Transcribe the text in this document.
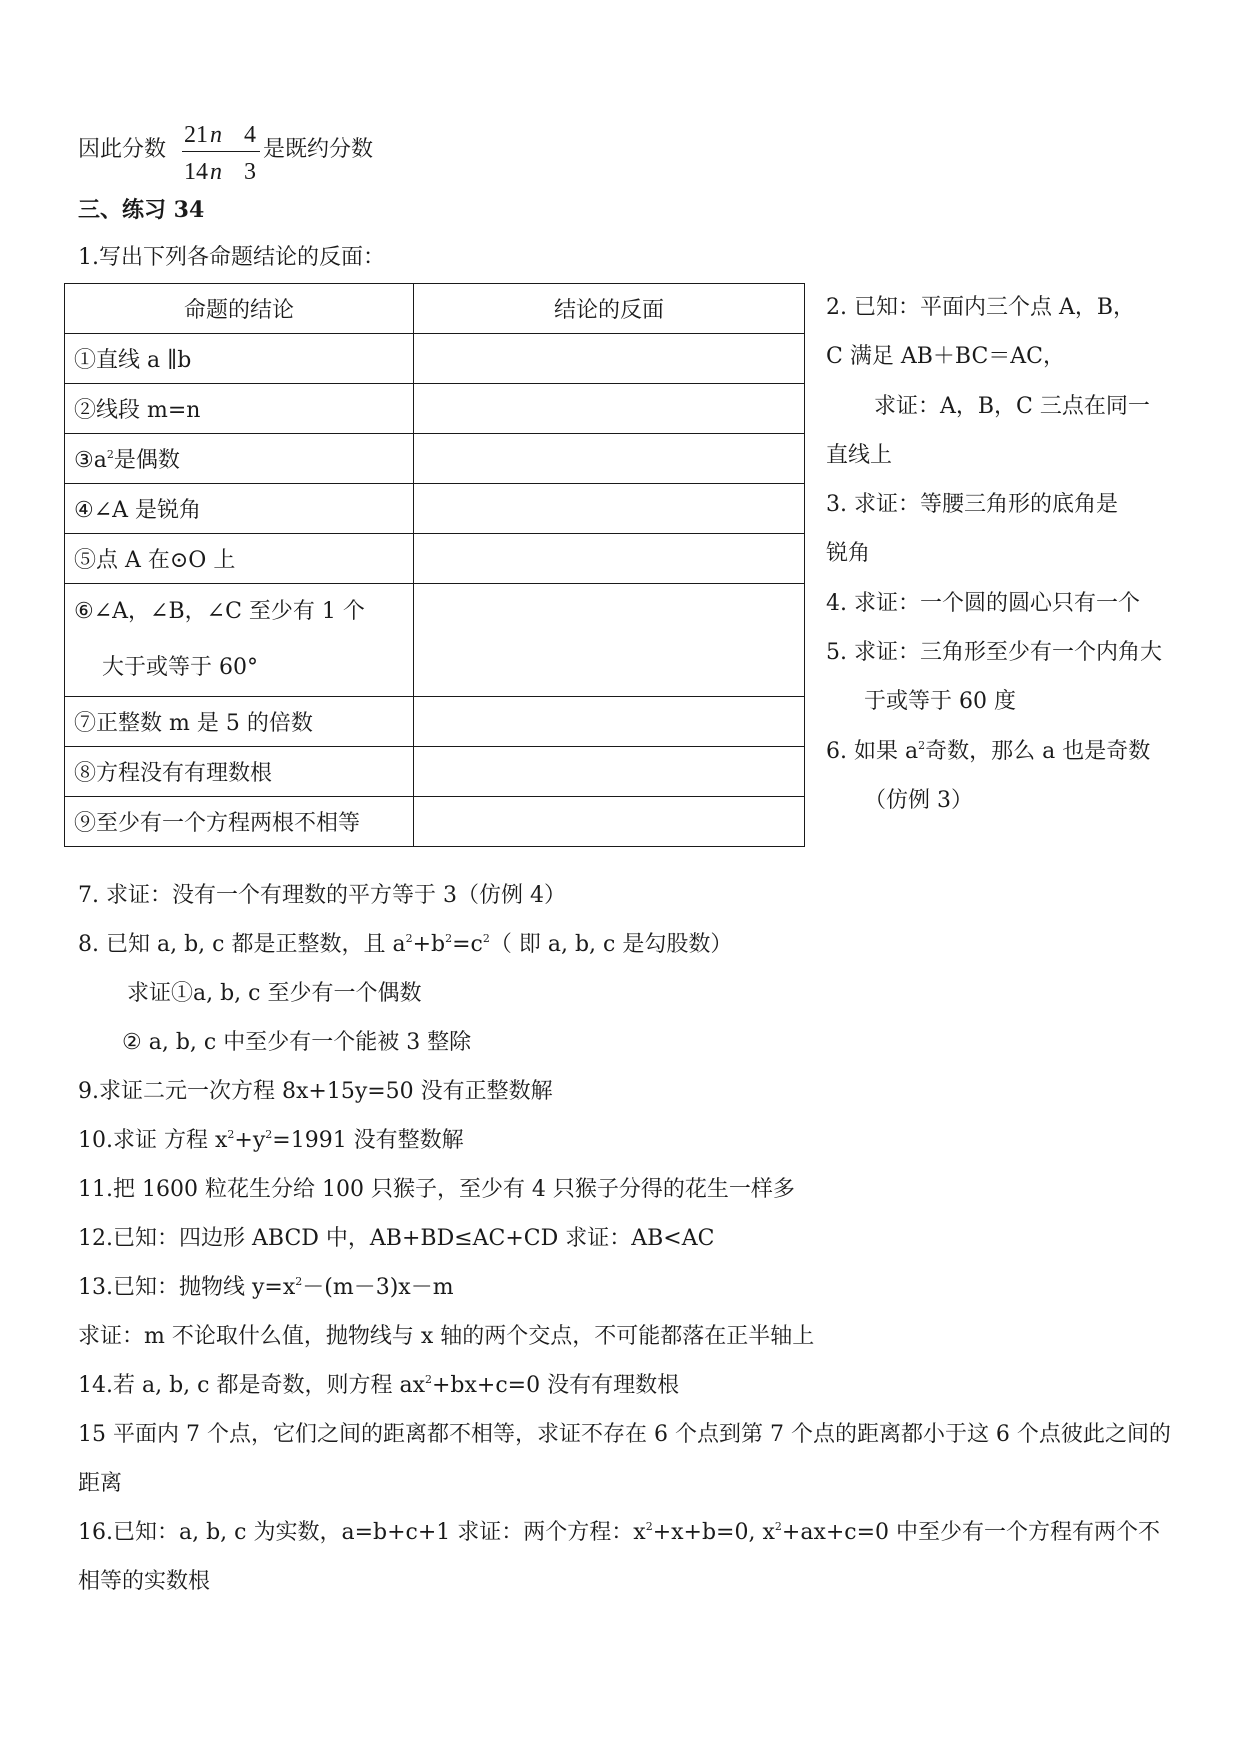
因此分数
21 n 4
14 n 3
是既约分数
三、练习 34
1.写出下列各命题结论的反面：
命题的结论	结论的反面
①直线 a ∥b	
②线段 m=n	
$③a^2$是偶数	
④∠A 是锐角	
⑤点 A 在⊙O 上	

⑥∠A，∠B，∠C 至少有 1 个
大于或等于 60°	

⑦正整数 m 是 5 的倍数	
⑧方程没有有理数根	
⑨至少有一个方程两根不相等	

2. 已知：平面内三个点 A，B，

C 满足 AB＋BC＝AC，

求证：A，B，C 三点在同一

直线上

3. 求证：等腰三角形的底角是

锐角

4. 求证：一个圆的圆心只有一个

5. 求证：三角形至少有一个内角大于或等于 60 度

6. 如果 $a^2$奇数，那么 a 也是奇数 （仿例 3）

7. 求证：没有一个有理数的平方等于 3（仿例 4）
8. 已知 a, b, c 都是正整数，且 $a^2+b^2=c^2$（ 即 a, b, c 是勾股数）
求证①a, b, c 至少有一个偶数
② a, b, c 中至少有一个能被 3 整除
9.求证二元一次方程 8x+15y=50 没有正整数解
10.求证 方程 $x^2+y^2=1991$ 没有整数解
11.把 1600 粒花生分给 100 只猴子，至少有 4 只猴子分得的花生一样多
12.已知：四边形 ABCD 中，AB+BD≤AC+CD 求证：AB<AC
13.已知：抛物线 $y=x^2-(m-3)x-m$
求证：m 不论取什么值，抛物线与 x 轴的两个交点，不可能都落在正半轴上
14.若 a, b, c 都是奇数，则方程 $ax^2+bx+c=0$ 没有有理数根
15 平面内 7 个点，它们之间的距离都不相等，求证不存在 6 个点到第 7 个点的距离都小于这 6 个点彼此之间的距离
16.已知：a, b, c 为实数，a=b+c+1 求证：两个方程：$x^2+x+b=0$, $x^2+ax+c=0$ 中至少有一个方程有两个不相等的实数根
